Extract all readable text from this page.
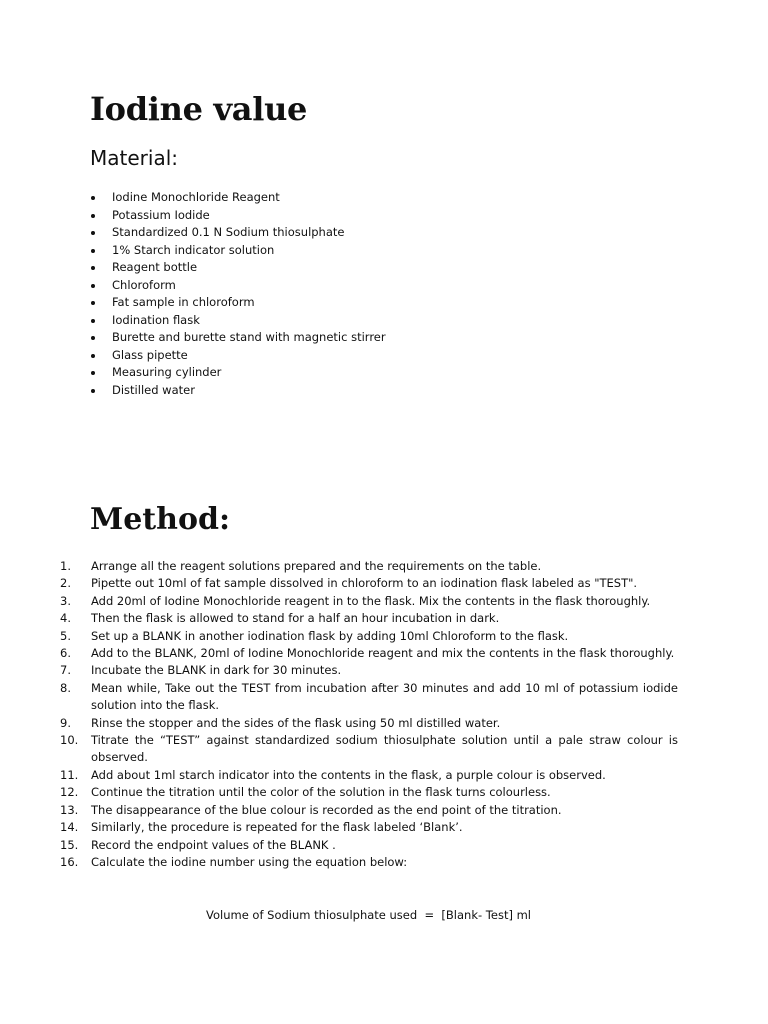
Iodine value
Material:
Iodine Monochloride Reagent
Potassium Iodide
Standardized 0.1 N Sodium thiosulphate
1% Starch indicator solution
Reagent bottle
Chloroform
Fat sample in chloroform
Iodination flask
Burette and burette stand with magnetic stirrer
Glass pipette
Measuring cylinder
Distilled water
Method:
1.	Arrange all the reagent solutions prepared and the requirements on the table.
2.	Pipette out 10ml of fat sample dissolved in chloroform to an iodination flask labeled as "TEST".
3.	Add 20ml of Iodine Monochloride reagent in to the flask. Mix the contents in the flask thoroughly.
4.	Then the flask is allowed to stand for a half an hour incubation in dark.
5.	Set up a BLANK in another iodination flask by adding 10ml Chloroform to the flask.
6.	Add to the BLANK, 20ml of Iodine Monochloride reagent and mix the contents in the flask thoroughly.
7.	Incubate the BLANK in dark for 30 minutes.
8.	Mean while, Take out the TEST from incubation after 30 minutes and add 10 ml of potassium iodide solution into the flask.
9.	Rinse the stopper and the sides of the flask using 50 ml distilled water.
10.	Titrate the “TEST” against standardized sodium thiosulphate solution until a pale straw colour is observed.
11.	Add about 1ml starch indicator into the contents in the flask, a purple colour is observed.
12.	Continue the titration until the color of the solution in the flask turns colourless.
13.	The disappearance of the blue colour is recorded as the end point of the titration.
14.	Similarly, the procedure is repeated for the flask labeled ‘Blank’.
15.	Record the endpoint values of the BLANK .
16.	Calculate the iodine number using the equation below:

Volume of Sodium thiosulphate used  =  [Blank- Test] ml
